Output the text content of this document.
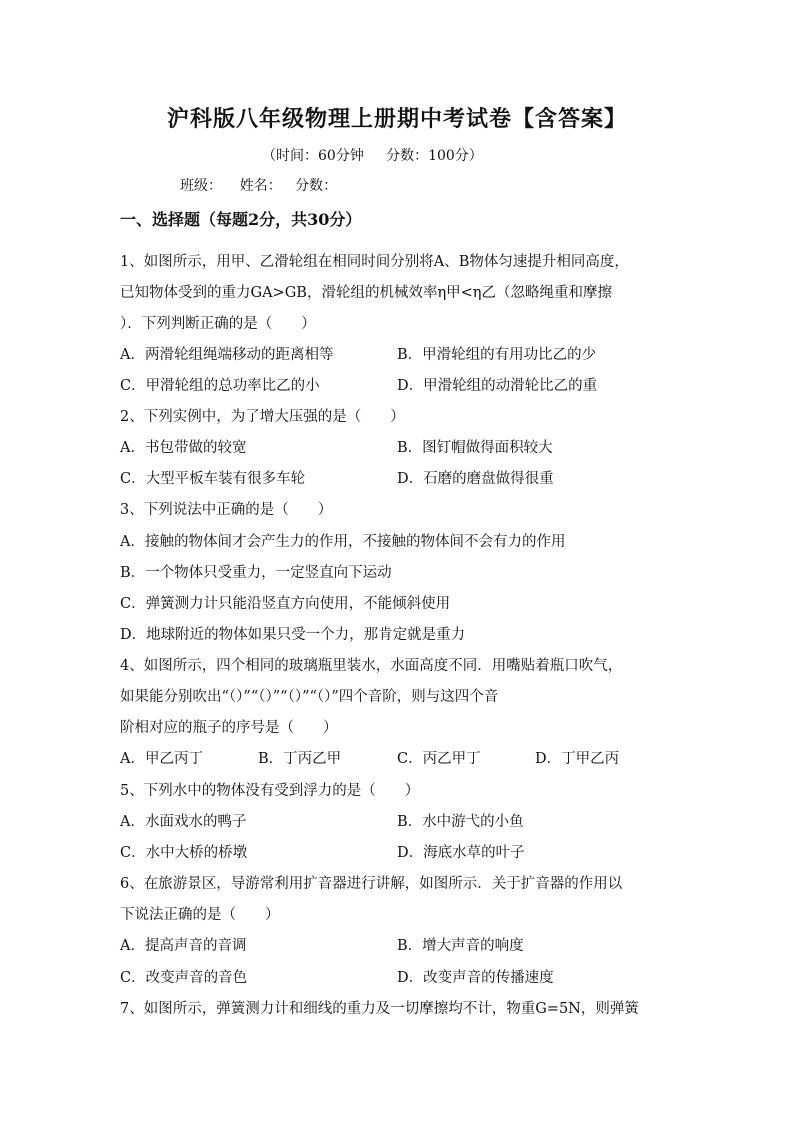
沪科版八年级物理上册期中考试卷【含答案】
（时间：60分钟     分数：100分）
班级：    姓名：   分数：
一、选择题（每题2分，共30分）
1、如图所示，用甲、乙滑轮组在相同时间分别将A、B物体匀速提升相同高度，
已知物体受到的重力GA>GB，滑轮组的机械效率η甲<η乙（忽略绳重和摩擦
）．下列判断正确的是（　　）
A．两滑轮组绳端移动的距离相等	B．甲滑轮组的有用功比乙的少
C．甲滑轮组的总功率比乙的小	D．甲滑轮组的动滑轮比乙的重
2、下列实例中，为了增大压强的是（　　）
A．书包带做的较宽	B．图钉帽做得面积较大
C．大型平板车装有很多车轮	D．石磨的磨盘做得很重
3、下列说法中正确的是（　　）
A．接触的物体间才会产生力的作用，不接触的物体间不会有力的作用
B．一个物体只受重力，一定竖直向下运动
C．弹簧测力计只能沿竖直方向使用，不能倾斜使用
D．地球附近的物体如果只受一个力，那肯定就是重力
4、如图所示，四个相同的玻璃瓶里装水，水面高度不同．用嘴贴着瓶口吹气，
如果能分别吹出“（）”“（）”“（）”“（）”四个音阶，则与这四个音
阶相对应的瓶子的序号是（　　）
A．甲乙丙丁	B．丁丙乙甲	C．丙乙甲丁	D．丁甲乙丙
5、下列水中的物体没有受到浮力的是（　　）
A．水面戏水的鸭子	B．水中游弋的小鱼
C．水中大桥的桥墩	D．海底水草的叶子
6、在旅游景区，导游常利用扩音器进行讲解，如图所示．关于扩音器的作用以
下说法正确的是（　　）
A．提高声音的音调	B．增大声音的响度
C．改变声音的音色	D．改变声音的传播速度
7、如图所示，弹簧测力计和细线的重力及一切摩擦均不计，物重G=5N，则弹簧
